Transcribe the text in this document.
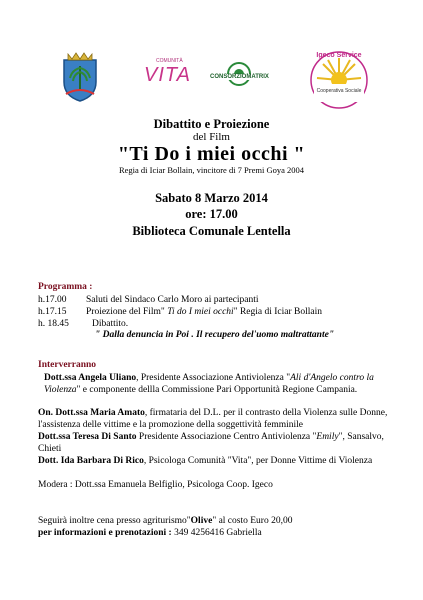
COMUNITÀ
VITA	CONSORZIOMATRIX
Igeco Service
Cooperativa Sociale
Dibattito e Proiezione
del Film
"Ti Do i miei occhi "
Regia di Iciar Bollain, vincitore di 7 Premi Goya 2004
Sabato 8 Marzo 2014
ore: 17.00
Biblioteca Comunale Lentella
Programma :
h.17.00 Saluti del Sindaco Carlo Moro ai partecipanti
h.17.15 Proiezione del Film" Ti do I miei occhi" Regia di Iciar Bollain
h. 18.45 Dibattito.
" Dalla denuncia in Poi . Il recupero del'uomo maltrattante"
Interverranno
Dott.ssa Angela Uliano, Presidente Associazione Antiviolenza "Ali d'Angelo contro la Violenza" e componente dellla Commissione Pari Opportunità Regione Campania.
On. Dott.ssa Maria Amato, firmataria del D.L. per il contrasto della Violenza sulle Donne, l'assistenza delle vittime e la promozione della soggettività femminile
Dott.ssa Teresa Di Santo Presidente Associazione Centro Antiviolenza "Emily", Sansalvo, Chieti
Dott. Ida Barbara Di Rico, Psicologa Comunità "Vita", per Donne Vittime di Violenza
Modera : Dott.ssa Emanuela Belfiglio, Psicologa Coop. Igeco
Seguirà inoltre cena presso agriturismo"Olive" al costo Euro 20,00
per informazioni e prenotazioni : 349 4256416 Gabriella
